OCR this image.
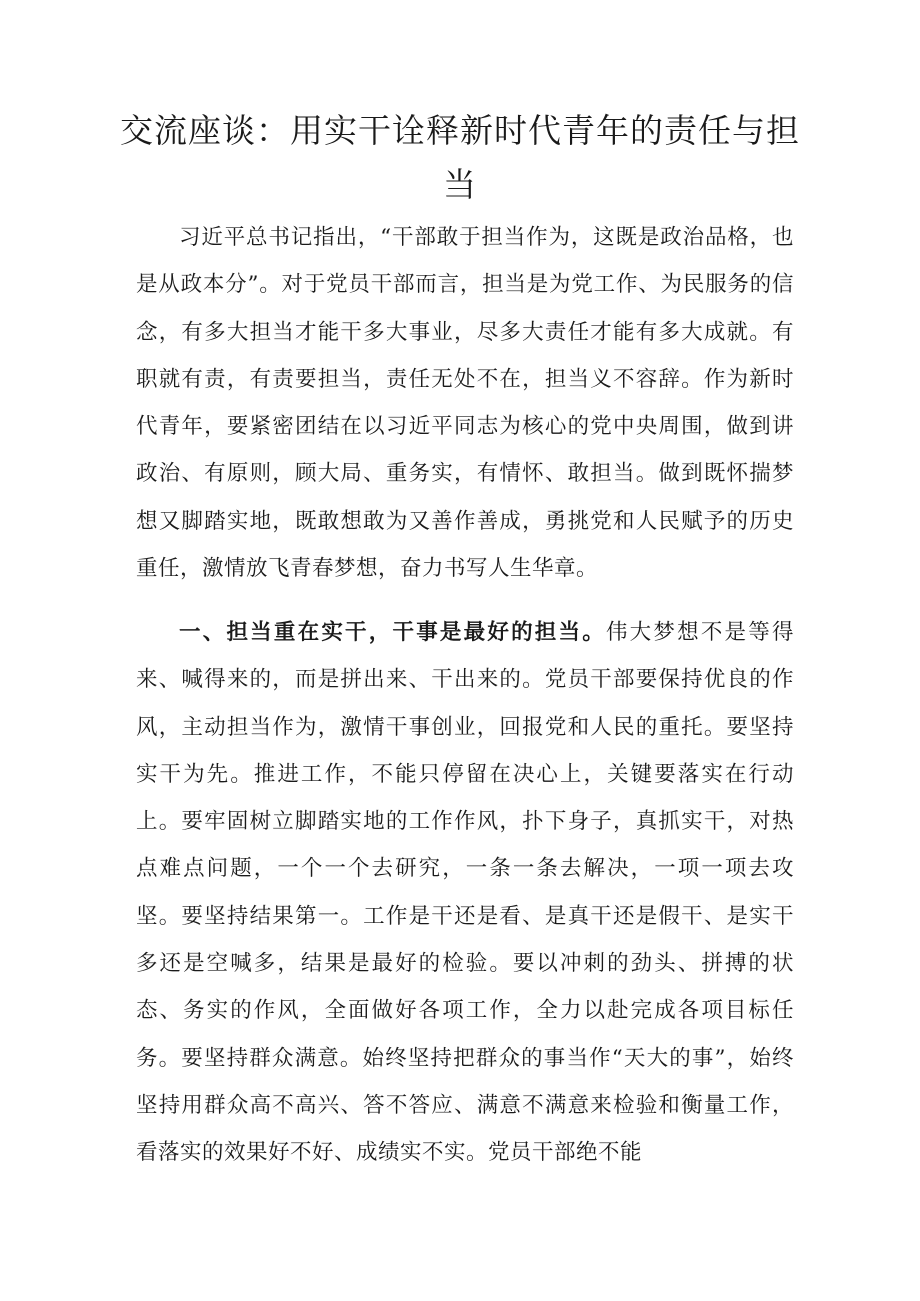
交流座谈：用实干诠释新时代青年的责任与担当

习近平总书记指出，“干部敢于担当作为，这既是政治品格，也是从政本分”。对于党员干部而言，担当是为党工作、为民服务的信念，有多大担当才能干多大事业，尽多大责任才能有多大成就。有职就有责，有责要担当，责任无处不在，担当义不容辞。作为新时代青年，要紧密团结在以习近平同志为核心的党中央周围，做到讲政治、有原则，顾大局、重务实，有情怀、敢担当。做到既怀揣梦想又脚踏实地，既敢想敢为又善作善成，勇挑党和人民赋予的历史重任，激情放飞青春梦想，奋力书写人生华章。

一、担当重在实干，干事是最好的担当。伟大梦想不是等得来、喊得来的，而是拼出来、干出来的。党员干部要保持优良的作风，主动担当作为，激情干事创业，回报党和人民的重托。要坚持实干为先。推进工作，不能只停留在决心上，关键要落实在行动上。要牢固树立脚踏实地的工作作风，扑下身子，真抓实干，对热点难点问题，一个一个去研究，一条一条去解决，一项一项去攻坚。要坚持结果第一。工作是干还是看、是真干还是假干、是实干多还是空喊多，结果是最好的检验。要以冲刺的劲头、拼搏的状态、务实的作风，全面做好各项工作，全力以赴完成各项目标任务。要坚持群众满意。始终坚持把群众的事当作“天大的事”，始终坚持用群众高不高兴、答不答应、满意不满意来检验和衡量工作，看落实的效果好不好、成绩实不实。党员干部绝不能
